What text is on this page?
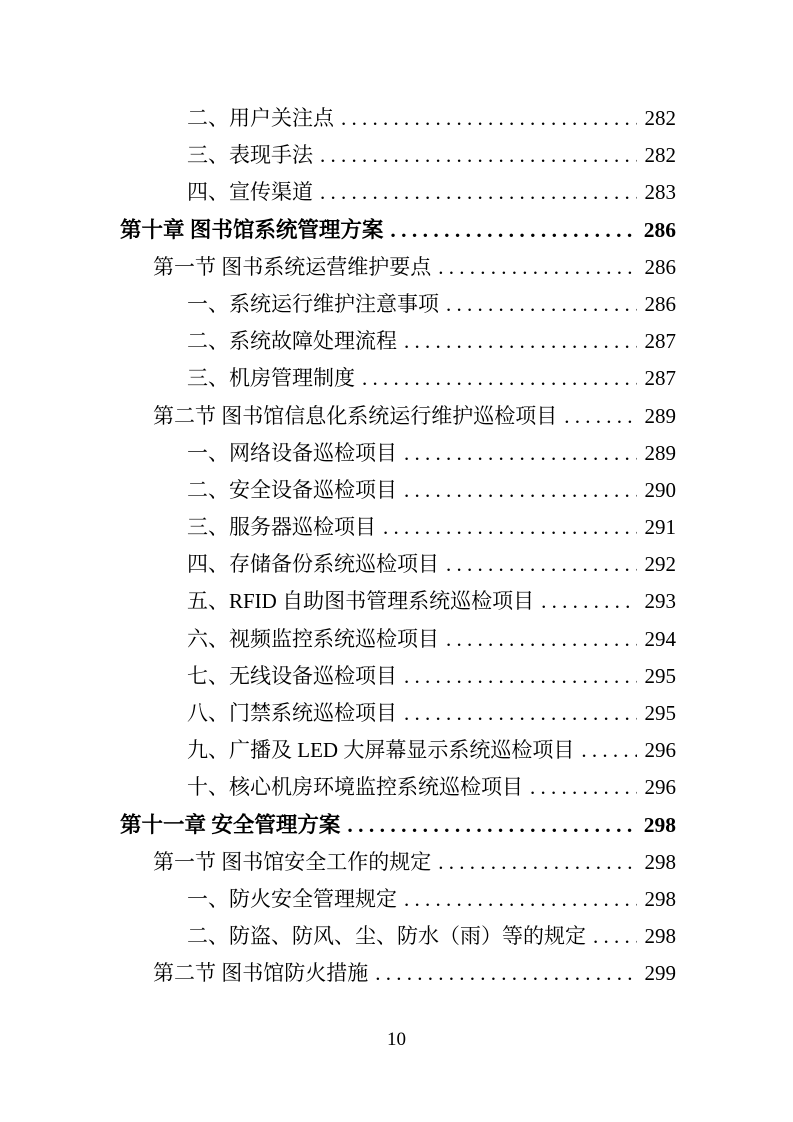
二、用户关注点 . . .	282
三、表现手法 . . .	282
四、宣传渠道 . . .	283
第十章 图书馆系统管理方案 . . .	286
第一节 图书系统运营维护要点 . . .	286
一、系统运行维护注意事项 . . .	286
二、系统故障处理流程 . . .	287
三、机房管理制度 . . .	287
第二节 图书馆信息化系统运行维护巡检项目 . . .	289
一、网络设备巡检项目 . . .	289
二、安全设备巡检项目 . . .	290
三、服务器巡检项目 . . .	291
四、存储备份系统巡检项目 . . .	292
五、RFID 自助图书管理系统巡检项目 . . .	293
六、视频监控系统巡检项目 . . .	294
七、无线设备巡检项目 . . .	295
八、门禁系统巡检项目 . . .	295
九、广播及 LED 大屏幕显示系统巡检项目 . . .	296
十、核心机房环境监控系统巡检项目 . . .	296
第十一章 安全管理方案 . . .	298
第一节 图书馆安全工作的规定 . . .	298
一、防火安全管理规定 . . .	298
二、防盗、防风、尘、防水（雨）等的规定 . . .	298
第二节 图书馆防火措施 . . .	299
10
